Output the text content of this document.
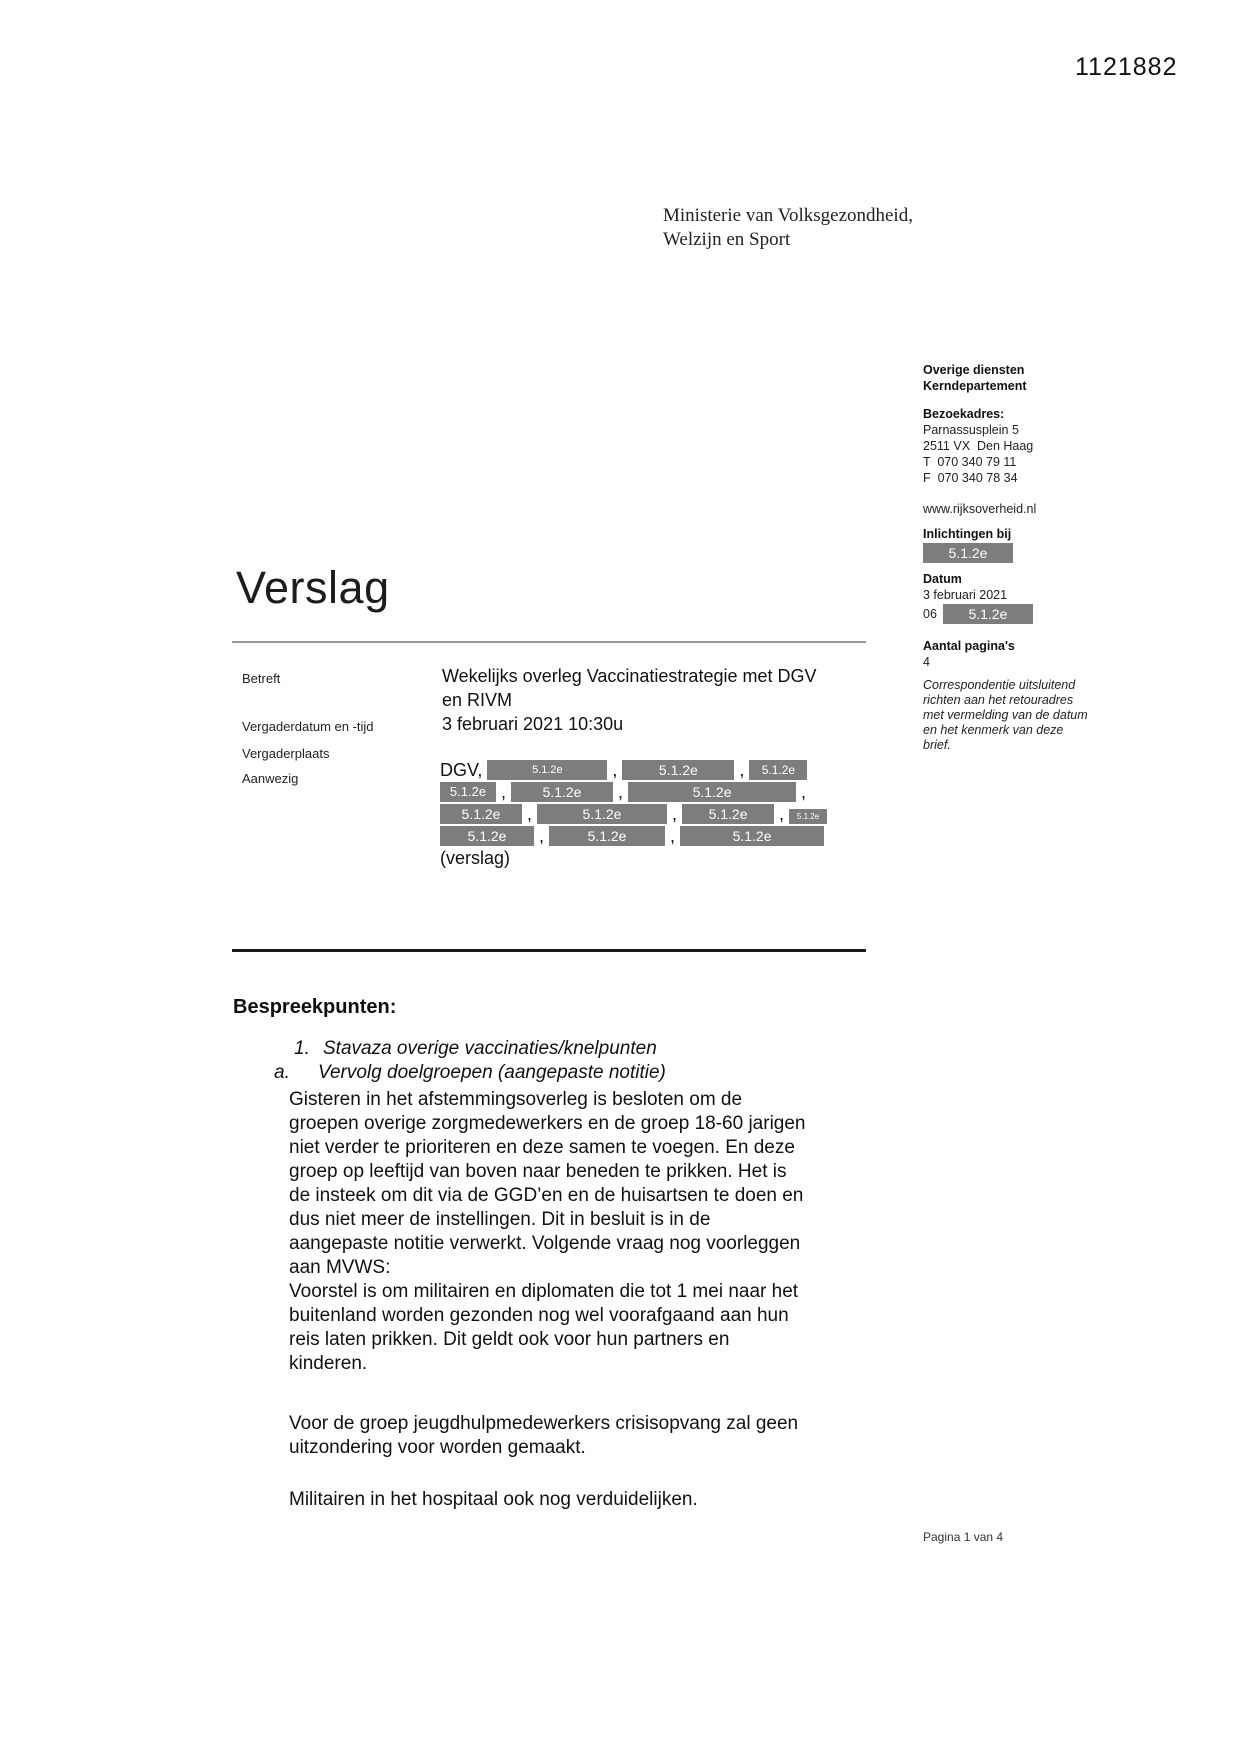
1121882
Ministerie van Volksgezondheid,
Welzijn en Sport
Overige diensten
Kerndepartement
Bezoekadres:
Parnassusplein 5
2511 VX  Den Haag
T  070 340 79 11
F  070 340 78 34
www.rijksoverheid.nl
Inlichtingen bij
5.1.2e
Datum
3 februari 2021
06	5.1.2e
Aantal pagina's
4
Correspondentie uitsluitend
richten aan het retouradres
met vermelding van de datum
en het kenmerk van deze
brief.
Verslag
Betreft	Wekelijks overleg Vaccinatiestrategie met DGV
en RIVM
Vergaderdatum en -tijd	3 februari 2021 10:30u
Vergaderplaats
Aanwezig	DGV,	5.1.2e	,	5.1.2e	,	5.1.2e
5.1.2e ,	5.1.2e	,	5.1.2e	,
5.1.2e	,	5.1.2e	,	5.1.2e	,	5.1.2e
5.1.2e	,	5.1.2e	,	5.1.2e
(verslag)
Bespreekpunten:
1. Stavaza overige vaccinaties/knelpunten
a.	Vervolg doelgroepen (aangepaste notitie)
Gisteren in het afstemmingsoverleg is besloten om de
groepen overige zorgmedewerkers en de groep 18-60 jarigen
niet verder te prioriteren en deze samen te voegen. En deze
groep op leeftijd van boven naar beneden te prikken. Het is
de insteek om dit via de GGD’en en de huisartsen te doen en
dus niet meer de instellingen. Dit in besluit is in de
aangepaste notitie verwerkt. Volgende vraag nog voorleggen
aan MVWS:
Voorstel is om militairen en diplomaten die tot 1 mei naar het
buitenland worden gezonden nog wel voorafgaand aan hun
reis laten prikken. Dit geldt ook voor hun partners en
kinderen.
Voor de groep jeugdhulpmedewerkers crisisopvang zal geen
uitzondering voor worden gemaakt.
Militairen in het hospitaal ook nog verduidelijken.
Pagina 1 van 4
